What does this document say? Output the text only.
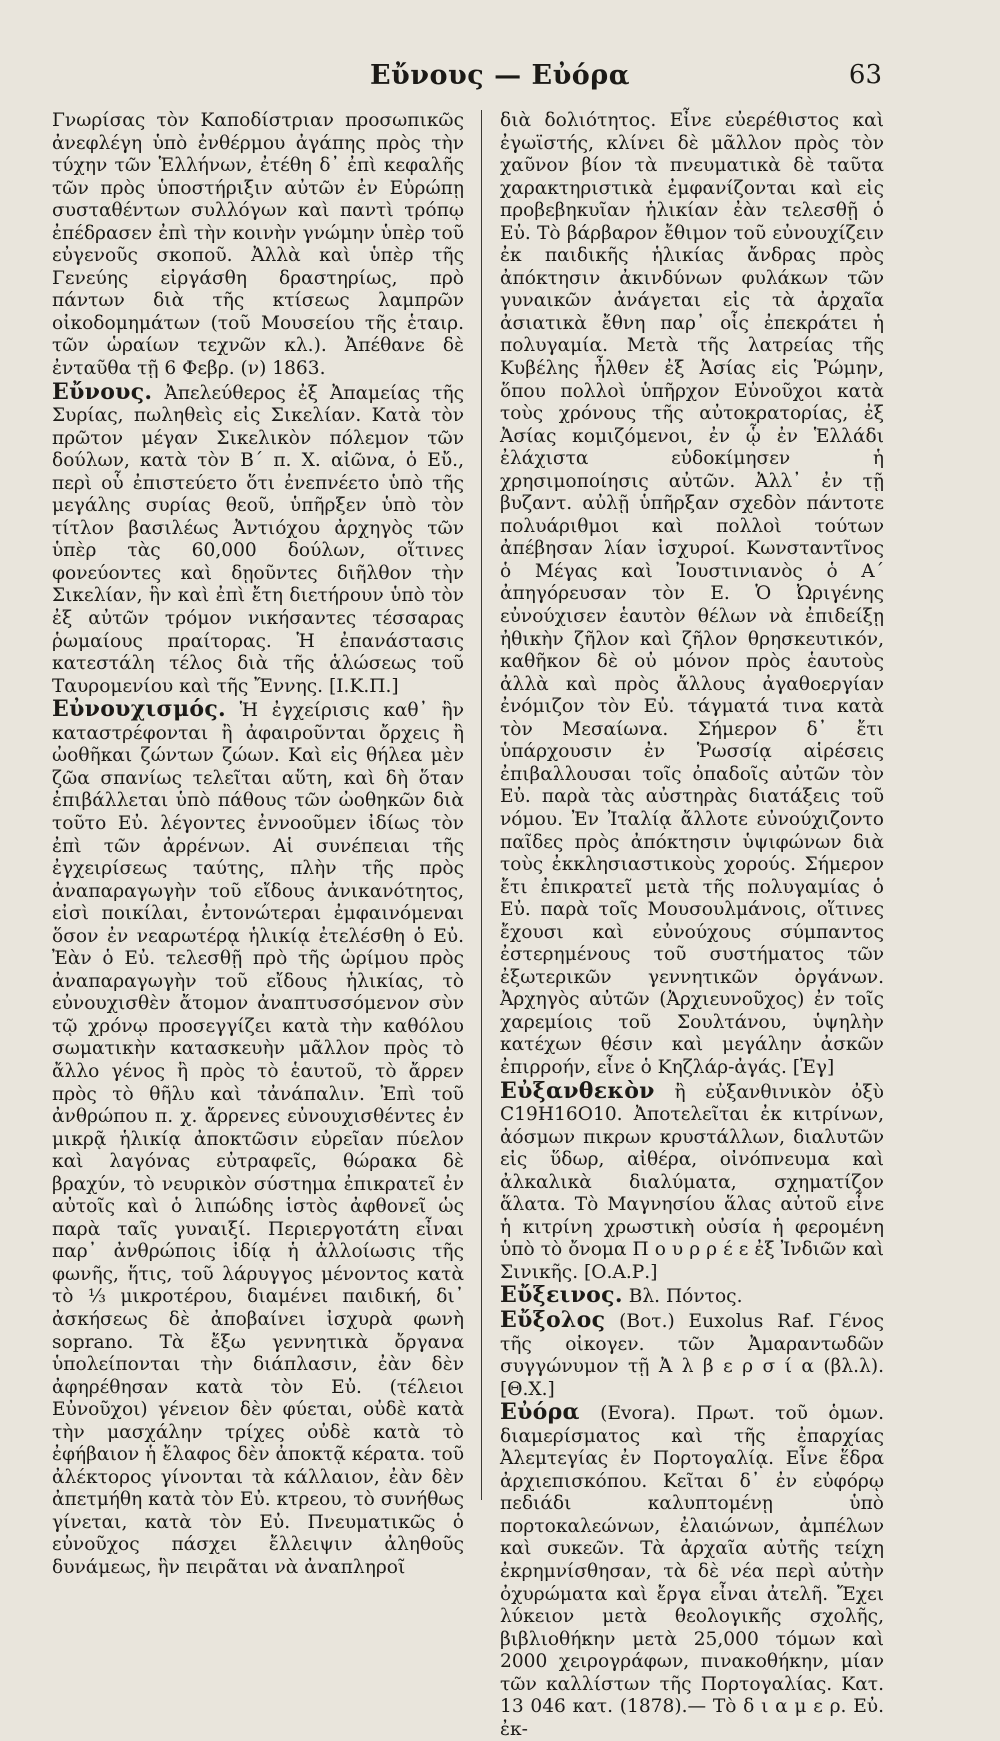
Εὔνους — Εὐόρα	63

Γνωρίσας τὸν Καποδίστριαν προσωπικῶς ἀνεφλέγη ὑπὸ ἐνθέρμου ἀγάπης πρὸς τὴν τύχην τῶν Ἑλλήνων, ἐτέθη δ᾽ ἐπὶ κεφαλῆς τῶν πρὸς ὑποστήριξιν αὐτῶν ἐν Εὐρώπῃ συσταθέντων συλλόγων καὶ παντὶ τρόπῳ ἐπέδρασεν ἐπὶ τὴν κοινὴν γνώμην ὑπὲρ τοῦ εὐγενοῦς σκοποῦ. Ἀλλὰ καὶ ὑπὲρ τῆς Γενεύης εἰργάσθη δραστηρίως, πρὸ πάντων διὰ τῆς κτίσεως λαμπρῶν οἰκοδομημάτων (τοῦ Μουσείου τῆς ἑταιρ. τῶν ὡραίων τεχνῶν κλ.). Ἀπέθανε δὲ ἐνταῦθα τῇ 6 Φεβρ. (ν) 1863.

Εὔνους. Ἀπελεύθερος ἐξ Ἀπαμείας τῆς Συρίας, πωληθεὶς εἰς Σικελίαν. Κατὰ τὸν πρῶτον μέγαν Σικελικὸν πόλεμον τῶν δούλων, κατὰ τὸν Β΄ π. Χ. αἰῶνα, ὁ Εὔ., περὶ οὗ ἐπιστεύετο ὅτι ἐνεπνέετο ὑπὸ τῆς μεγάλης συρίας θεοῦ, ὑπῆρξεν ὑπὸ τὸν τίτλον βασιλέως Ἀντιόχου ἀρχηγὸς τῶν ὑπὲρ τὰς 60,000 δούλων, οἵτινες φονεύοντες καὶ δῃοῦντες διῆλθον τὴν Σικελίαν, ἣν καὶ ἐπὶ ἔτη διετήρουν ὑπὸ τὸν ἐξ αὐτῶν τρόμον νικήσαντες τέσσαρας ῥωμαίους πραίτορας. Ἡ ἐπανάστασις κατεστάλη τέλος διὰ τῆς ἁλώσεως τοῦ Ταυρομενίου καὶ τῆς Ἔννης. [Ι.Κ.Π.]

Εὐνουχισμός. Ἡ ἐγχείρισις καθ᾽ ἣν καταστρέφονται ἢ ἀφαιροῦνται ὄρχεις ἢ ὠοθῆκαι ζώντων ζώων. Καὶ εἰς θήλεα μὲν ζῶα σπανίως τελεῖται αὕτη, καὶ δὴ ὅταν ἐπιβάλλεται ὑπὸ πάθους τῶν ὠοθηκῶν διὰ τοῦτο Εὐ. λέγοντες ἐννοοῦμεν ἰδίως τὸν ἐπὶ τῶν ἀρρένων. Αἱ συνέπειαι τῆς ἐγχειρίσεως ταύτης, πλὴν τῆς πρὸς ἀναπαραγωγὴν τοῦ εἴδους ἀνικανότητος, εἰσὶ ποικίλαι, ἐντονώτεραι ἐμφαινόμεναι ὅσον ἐν νεαρωτέρᾳ ἡλικίᾳ ἐτελέσθη ὁ Εὐ. Ἐὰν ὁ Εὐ. τελεσθῇ πρὸ τῆς ὡρίμου πρὸς ἀναπαραγωγὴν τοῦ εἴδους ἡλικίας, τὸ εὐνουχισθὲν ἄτομον ἀναπτυσσόμενον σὺν τῷ χρόνῳ προσεγγίζει κατὰ τὴν καθόλου σωματικὴν κατασκευὴν μᾶλλον πρὸς τὸ ἄλλο γένος ἢ πρὸς τὸ ἑαυτοῦ, τὸ ἄρρεν πρὸς τὸ θῆλυ καὶ τἀνάπαλιν. Ἐπὶ τοῦ ἀνθρώπου π. χ. ἄρρενες εὐνουχισθέντες ἐν μικρᾷ ἡλικίᾳ ἀποκτῶσιν εὐρεῖαν πύελον καὶ λαγόνας εὐτραφεῖς, θώρακα δὲ βραχύν, τὸ νευρικὸν σύστημα ἐπικρατεῖ ἐν αὐτοῖς καὶ ὁ λιπώδης ἱστὸς ἀφθονεῖ ὡς παρὰ ταῖς γυναιξί. Περιεργοτάτη εἶναι παρ᾽ ἀνθρώποις ἰδίᾳ ἡ ἀλλοίωσις τῆς φωνῆς, ἥτις, τοῦ λάρυγγος μένοντος κατὰ τὸ ⅓ μικροτέρου, διαμένει παιδική, δι᾽ ἀσκήσεως δὲ ἀποβαίνει ἰσχυρὰ φωνὴ soprano. Τὰ ἔξω γεννητικὰ ὄργανα ὑπολείπονται τὴν διάπλασιν, ἐὰν δὲν ἀφηρέθησαν κατὰ τὸν Εὐ. (τέλειοι Εὐνοῦχοι) γένειον δὲν φύεται, οὐδὲ κατὰ τὴν μασχάλην τρίχες οὐδὲ κατὰ τὸ ἐφήβαιον ἡ ἔλαφος δὲν ἀποκτᾷ κέρατα. τοῦ ἀλέκτορος γίνονται τὰ κάλλαιον, ἐὰν δὲν ἀπετμήθη κατὰ τὸν Εὐ. κτρεου, τὸ συνήθως γίνεται, κατὰ τὸν Εὐ. Πνευματικῶς ὁ εὐνοῦχος πάσχει ἔλλειψιν ἀληθοῦς δυνάμεως, ἣν πειρᾶται νὰ ἀναπληροῖ

διὰ δολιότητος. Εἶνε εὐερέθιστος καὶ ἐγωϊστής, κλίνει δὲ μᾶλλον πρὸς τὸν χαῦνον βίον τὰ πνευματικὰ δὲ ταῦτα χαρακτηριστικὰ ἐμφανίζονται καὶ εἰς προβεβηκυῖαν ἡλικίαν ἐὰν τελεσθῇ ὁ Εὐ. Τὸ βάρβαρον ἔθιμον τοῦ εὐνουχίζειν ἐκ παιδικῆς ἡλικίας ἄνδρας πρὸς ἀπόκτησιν ἀκινδύνων φυλάκων τῶν γυναικῶν ἀνάγεται εἰς τὰ ἀρχαῖα ἀσιατικὰ ἔθνη παρ᾽ οἷς ἐπεκράτει ἡ πολυγαμία. Μετὰ τῆς λατρείας τῆς Κυβέλης ἦλθεν ἐξ Ἀσίας εἰς Ῥώμην, ὅπου πολλοὶ ὑπῆρχον Εὐνοῦχοι κατὰ τοὺς χρόνους τῆς αὐτοκρατορίας, ἐξ Ἀσίας κομιζόμενοι, ἐν ᾧ ἐν Ἑλλάδι ἐλάχιστα εὐδοκίμησεν ἡ χρησιμοποίησις αὐτῶν. Ἀλλ᾽ ἐν τῇ βυζαντ. αὐλῇ ὑπῆρξαν σχεδὸν πάντοτε πολυάριθμοι καὶ πολλοὶ τούτων ἀπέβησαν λίαν ἰσχυροί. Κωνσταντῖνος ὁ Μέγας καὶ Ἰουστινιανὸς ὁ Α΄ ἀπηγόρευσαν τὸν Ε. Ὁ Ὠριγένης εὐνούχισεν ἑαυτὸν θέλων νὰ ἐπιδείξῃ ἠθικὴν ζῆλον καὶ ζῆλον θρησκευτικόν, καθῆκον δὲ οὐ μόνον πρὸς ἑαυτοὺς ἀλλὰ καὶ πρὸς ἄλλους ἀγαθοεργίαν ἐνόμιζον τὸν Εὐ. τάγματά τινα κατὰ τὸν Μεσαίωνα. Σήμερον δ᾽ ἔτι ὑπάρχουσιν ἐν Ῥωσσίᾳ αἱρέσεις ἐπιβαλλουσαι τοῖς ὀπαδοῖς αὐτῶν τὸν Εὐ. παρὰ τὰς αὐστηρὰς διατάξεις τοῦ νόμου. Ἐν Ἰταλίᾳ ἄλλοτε εὐνούχιζοντο παῖδες πρὸς ἀπόκτησιν ὑψιφώνων διὰ τοὺς ἐκκλησιαστικοὺς χορούς. Σήμερον ἔτι ἐπικρατεῖ μετὰ τῆς πολυγαμίας ὁ Εὐ. παρὰ τοῖς Μουσουλμάνοις, οἵτινες ἔχουσι καὶ εὐνούχους σύμπαντος ἐστερημένους τοῦ συστήματος τῶν ἐξωτερικῶν γεννητικῶν ὀργάνων. Ἀρχηγὸς αὐτῶν (Ἀρχιευνοῦχος) ἐν τοῖς χαρεμίοις τοῦ Σουλτάνου, ὑψηλὴν κατέχων θέσιν καὶ μεγάλην ἀσκῶν ἐπιρροήν, εἶνε ὁ Κηζλάρ-ἀγάς. [Ἐγ]

Εὐξανθεκὸν ἢ εὐξανθινικὸν ὀξὺ C19H16O10. Ἀποτελεῖται ἐκ κιτρίνων, ἀόσμων πικρων κρυστάλλων, διαλυτῶν εἰς ὕδωρ, αἰθέρα, οἰνόπνευμα καὶ ἀλκαλικὰ διαλύματα, σχηματίζον ἅλατα. Τὸ Μαγνησίου ἅλας αὐτοῦ εἶνε ἡ κιτρίνη χρωστικὴ οὐσία ἡ φερομένη ὑπὸ τὸ ὄνομα Π ο υ ρ ρ έ ε ἐξ Ἰνδιῶν καὶ Σινικῆς. [Ο.Α.Ρ.]

Εὔξεινος. Βλ. Πόντος.

Εὔξολος (Βοτ.) Euxolus Raf. Γένος τῆς οἰκογεν. τῶν Ἀμαραντωδῶν συγγώνυμον τῇ Ἀ λ β ε ρ σ ί α (βλ.λ). [Θ.Χ.]

Εὐόρα (Evora). Πρωτ. τοῦ ὁμων. διαμερίσματος καὶ τῆς ἐπαρχίας Ἀλεμτεγίας ἐν Πορτογαλίᾳ. Εἶνε ἕδρα ἀρχιεπισκόπου. Κεῖται δ᾽ ἐν εὐφόρῳ πεδιάδι καλυπτομένῃ ὑπὸ πορτοκαλεώνων, ἐλαιώνων, ἀμπέλων καὶ συκεῶν. Τὰ ἀρχαῖα αὐτῆς τείχη ἐκρημνίσθησαν, τὰ δὲ νέα περὶ αὐτὴν ὀχυρώματα καὶ ἔργα εἶναι ἀτελῆ. Ἔχει λύκειον μετὰ θεολογικῆς σχολῆς, βιβλιοθήκην μετὰ 25,000 τόμων καὶ 2000 χειρογράφων, πινακοθήκην, μίαν τῶν καλλίστων τῆς Πορτογαλίας. Κατ. 13 046 κατ. (1878).— Τὸ δ ι α μ ε ρ. Εὐ. ἐκ-
